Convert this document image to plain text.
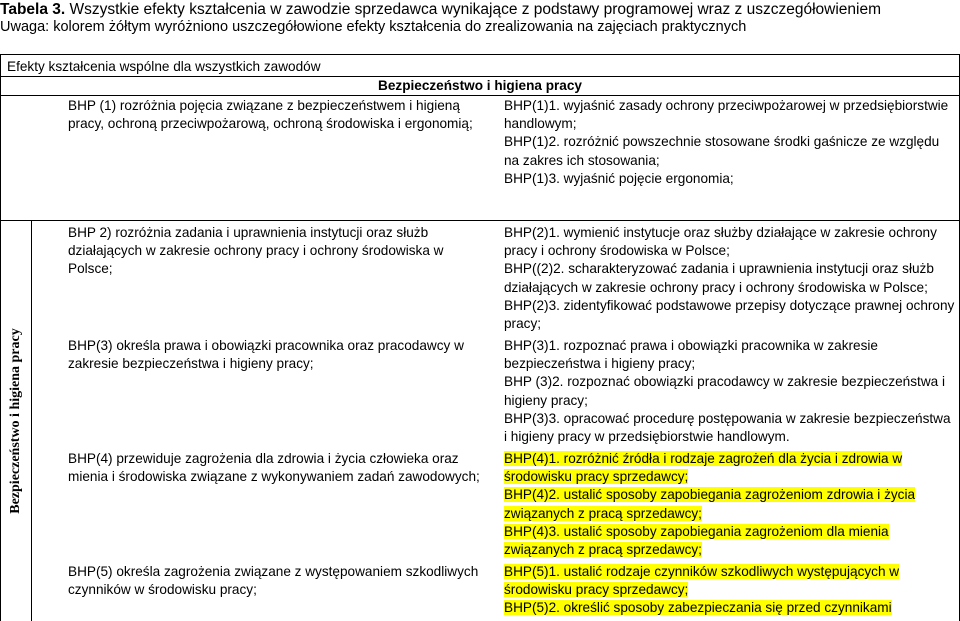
Tabela 3. Wszystkie efekty kształcenia w zawodzie sprzedawca wynikające z podstawy programowej wraz z uszczegółowieniem
Uwaga: kolorem żółtym wyróżniono uszczegółowione efekty kształcenia do zrealizowania na zajęciach praktycznych
Efekty kształcenia wspólne dla wszystkich zawodów
Bezpieczeństwo i higiena pracy
Bezpieczeństwo i higiena pracy
BHP (1) rozróżnia pojęcia związane z bezpieczeństwem i higieną pracy, ochroną przeciwpożarową, ochroną środowiska i ergonomią;

BHP(1)1. wyjaśnić zasady ochrony przeciwpożarowej w przedsiębiorstwie handlowym;

BHP(1)2. rozróżnić powszechnie stosowane środki gaśnicze ze względu na zakres ich stosowania;

BHP(1)3. wyjaśnić pojęcie ergonomia;

BHP 2) rozróżnia zadania i uprawnienia instytucji oraz służb działających w zakresie ochrony pracy i ochrony środowiska w Polsce;

BHP(2)1. wymienić instytucje oraz służby działające w zakresie ochrony pracy i ochrony środowiska w Polsce;

BHP((2)2. scharakteryzować zadania i uprawnienia instytucji oraz służb działających w zakresie ochrony pracy i ochrony środowiska w Polsce;

BHP(2)3. zidentyfikować podstawowe przepisy dotyczące prawnej ochrony pracy;

BHP(3) określa prawa i obowiązki pracownika oraz pracodawcy w zakresie bezpieczeństwa i higieny pracy;

BHP(3)1. rozpoznać prawa i obowiązki pracownika w zakresie bezpieczeństwa i higieny pracy;

BHP (3)2. rozpoznać obowiązki pracodawcy w zakresie bezpieczeństwa i higieny pracy;

BHP(3)3. opracować procedurę postępowania w zakresie bezpieczeństwa i higieny pracy w przedsiębiorstwie handlowym.

BHP(4) przewiduje zagrożenia dla zdrowia i życia człowieka oraz mienia i środowiska związane z wykonywaniem zadań zawodowych;

BHP(4)1. rozróżnić źródła i rodzaje zagrożeń dla życia i zdrowia w środowisku pracy sprzedawcy;

BHP(4)2. ustalić sposoby zapobiegania zagrożeniom zdrowia i życia związanych z pracą sprzedawcy;

BHP(4)3. ustalić sposoby zapobiegania zagrożeniom dla mienia związanych z pracą sprzedawcy;

BHP(5) określa zagrożenia związane z występowaniem szkodliwych czynników w środowisku pracy;

BHP(5)1. ustalić rodzaje czynników szkodliwych występujących w środowisku pracy sprzedawcy;

BHP(5)2. określić sposoby zabezpieczania się przed czynnikami
